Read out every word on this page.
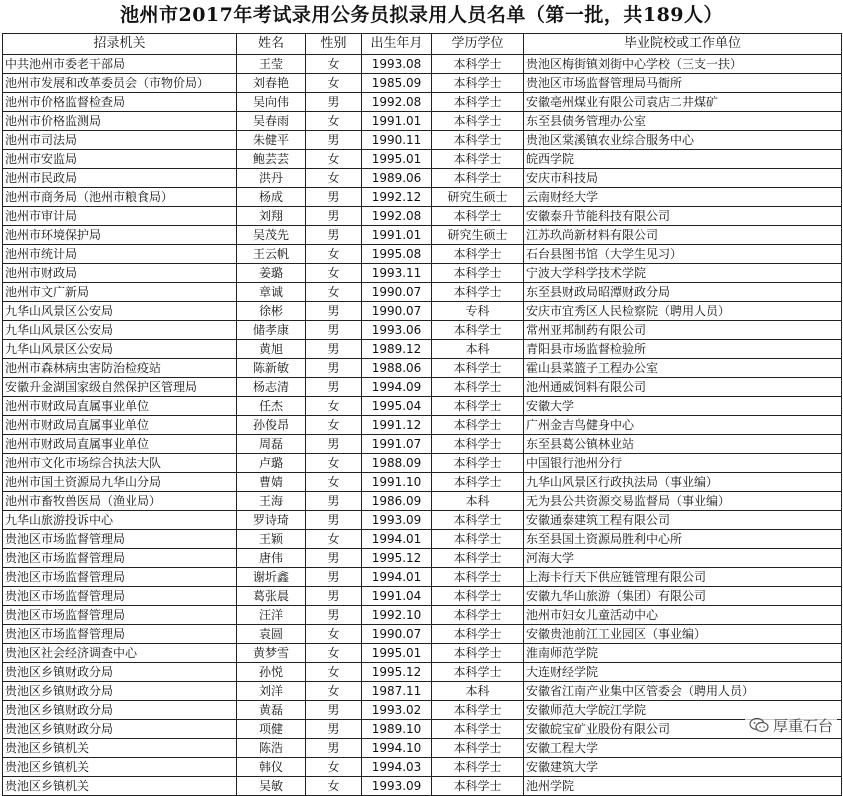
池州市2017年考试录用公务员拟录用人员名单（第一批，共189人）
招录机关	姓名	性别	出生年月	学历学位	毕业院校或工作单位
中共池州市委老干部局	王莹	女	1993.08	本科学士	贵池区梅街镇刘街中心学校（三支一扶）
池州市发展和改革委员会（市物价局）	刘春艳	女	1985.09	本科学士	贵池区市场监督管理局马衙所
池州市价格监督检查局	吴向伟	男	1992.08	本科学士	安徽亳州煤业有限公司袁店二井煤矿
池州市价格监测局	吴春雨	女	1991.01	本科学士	东至县债务管理办公室
池州市司法局	朱健平	男	1990.11	本科学士	贵池区棠溪镇农业综合服务中心
池州市安监局	鲍芸芸	女	1995.01	本科学士	皖西学院
池州市民政局	洪丹	女	1989.06	本科学士	安庆市科技局
池州市商务局（池州市粮食局）	杨成	男	1992.12	研究生硕士	云南财经大学
池州市审计局	刘翔	男	1992.08	本科学士	安徽泰升节能科技有限公司
池州市环境保护局	吴茂先	男	1991.01	研究生硕士	江苏玖尚新材料有限公司
池州市统计局	王云帆	女	1995.08	本科学士	石台县图书馆（大学生见习）
池州市财政局	姜璐	女	1993.11	本科学士	宁波大学科学技术学院
池州市文广新局	章诚	女	1990.07	本科学士	东至县财政局昭潭财政分局
九华山风景区公安局	徐彬	男	1990.07	专科	安庆市宜秀区人民检察院（聘用人员）
九华山风景区公安局	储孝康	男	1993.06	本科学士	常州亚邦制药有限公司
九华山风景区公安局	黄旭	男	1989.12	本科	青阳县市场监督检验所
池州市森林病虫害防治检疫站	陈新敏	男	1988.06	本科学士	霍山县菜篮子工程办公室
安徽升金湖国家级自然保护区管理局	杨志清	男	1994.09	本科学士	池州通威饲料有限公司
池州市财政局直属事业单位	任杰	女	1995.04	本科学士	安徽大学
池州市财政局直属事业单位	孙俊昂	女	1991.12	本科学士	广州金吉鸟健身中心
池州市财政局直属事业单位	周磊	男	1991.07	本科学士	东至县葛公镇林业站
池州市文化市场综合执法大队	卢璐	女	1988.09	本科学士	中国银行池州分行
池州市国土资源局九华山分局	曹婧	女	1991.10	本科学士	九华山风景区行政执法局（事业编）
池州市畜牧兽医局（渔业局）	王海	男	1986.09	本科	无为县公共资源交易监督局（事业编）
九华山旅游投诉中心	罗诗琦	男	1993.09	本科学士	安徽通泰建筑工程有限公司
贵池区市场监督管理局	王颖	女	1994.01	本科学士	东至县国土资源局胜利中心所
贵池区市场监督管理局	唐伟	男	1995.12	本科学士	河海大学
贵池区市场监督管理局	谢圻鑫	男	1994.01	本科学士	上海卡行天下供应链管理有限公司
贵池区市场监督管理局	葛张晨	男	1991.04	本科学士	安徽九华山旅游（集团）有限公司
贵池区市场监督管理局	汪洋	男	1992.10	本科学士	池州市妇女儿童活动中心
贵池区市场监督管理局	袁圆	女	1990.07	本科学士	安徽贵池前江工业园区（事业编）
贵池区社会经济调查中心	黄梦雪	女	1995.01	本科学士	淮南师范学院
贵池区乡镇财政分局	孙悦	女	1995.12	本科学士	大连财经学院
贵池区乡镇财政分局	刘洋	女	1987.11	本科	安徽省江南产业集中区管委会（聘用人员）
贵池区乡镇财政分局	黄磊	男	1993.02	本科学士	安徽师范大学皖江学院
贵池区乡镇财政分局	项健	男	1989.10	本科学士	安徽皖宝矿业股份有限公司
贵池区乡镇机关	陈浩	男	1994.10	本科学士	安徽工程大学
贵池区乡镇机关	韩仪	女	1994.03	本科学士	安徽建筑大学
贵池区乡镇机关	吴敏	女	1993.09	本科学士	池州学院
厚重石台
